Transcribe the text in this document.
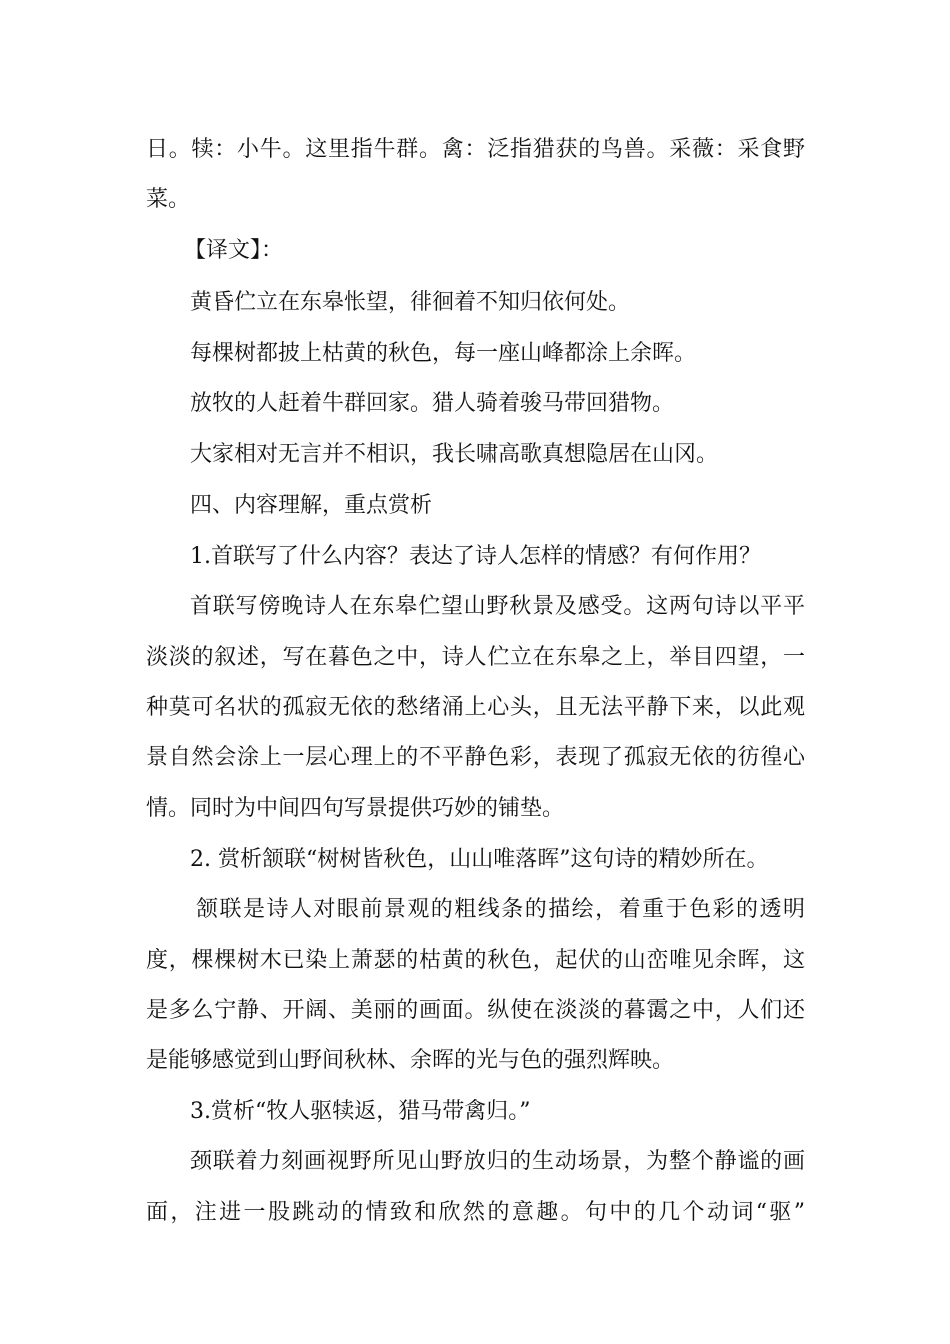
日。犊：小牛。这里指牛群。禽：泛指猎获的鸟兽。采薇：采食野
菜。
【译文】：
黄昏伫立在东皋怅望，徘徊着不知归依何处。
每棵树都披上枯黄的秋色，每一座山峰都涂上余晖。
放牧的人赶着牛群回家。猎人骑着骏马带回猎物。
大家相对无言并不相识，我长啸高歌真想隐居在山冈。
四、内容理解，重点赏析
1.首联写了什么内容？表达了诗人怎样的情感？有何作用？
首联写傍晚诗人在东皋伫望山野秋景及感受。这两句诗以平平
淡淡的叙述，写在暮色之中，诗人伫立在东皋之上，举目四望，一
种莫可名状的孤寂无依的愁绪涌上心头，且无法平静下来，以此观
景自然会涂上一层心理上的不平静色彩，表现了孤寂无依的彷徨心
情。同时为中间四句写景提供巧妙的铺垫。
2. 赏析颔联“树树皆秋色，山山唯落晖”这句诗的精妙所在。
颔联是诗人对眼前景观的粗线条的描绘，着重于色彩的透明
度，棵棵树木已染上萧瑟的枯黄的秋色，起伏的山峦唯见余晖，这
是多么宁静、开阔、美丽的画面。纵使在淡淡的暮霭之中，人们还
是能够感觉到山野间秋林、余晖的光与色的强烈辉映。
3.赏析“牧人驱犊返，猎马带禽归。”
颈联着力刻画视野所见山野放归的生动场景，为整个静谧的画
面，注进一股跳动的情致和欣然的意趣。句中的几个动词“驱”
